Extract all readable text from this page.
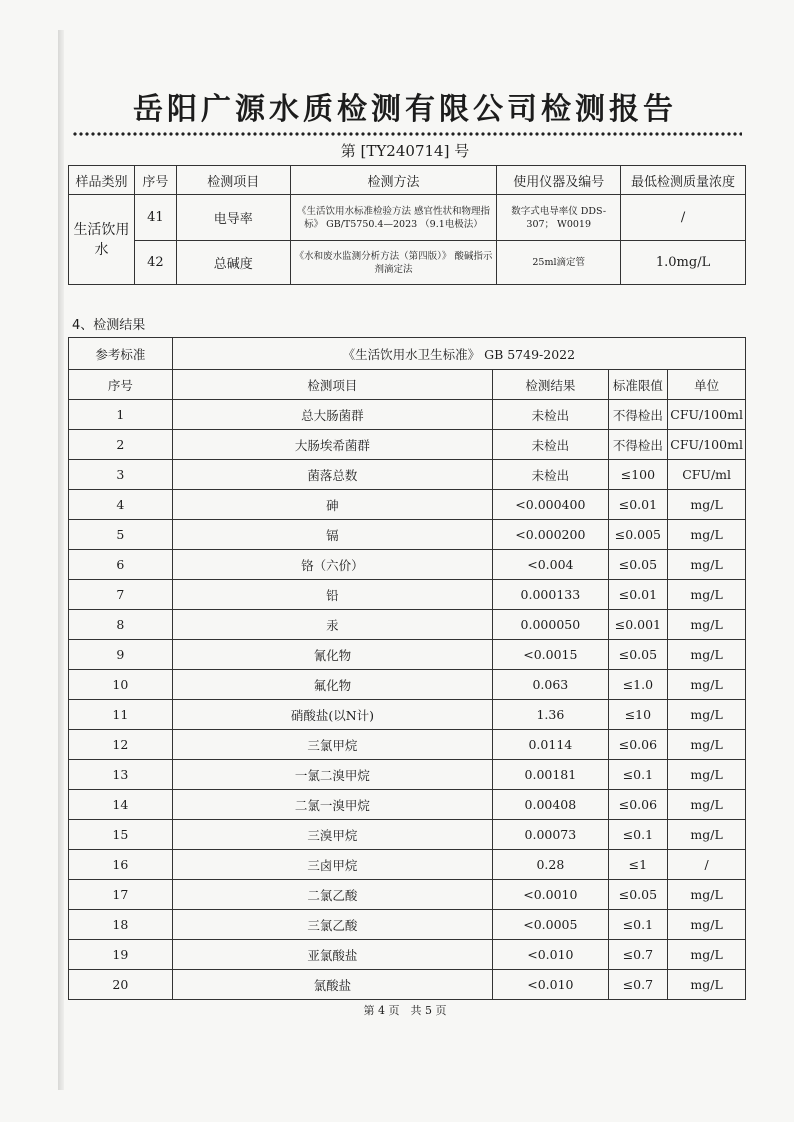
岳阳广源水质检测有限公司检测报告
第 [TY240714] 号
样品类别	序号	检测项目	检测方法	使用仪器及编号	最低检测质量浓度
生活饮用水	41	电导率	《生活饮用水标准检验方法 感官性状和物理指标》 GB/T5750.4—2023 （9.1电极法）	数字式电导率仪 DDS-307； W0019	/
	42	总碱度	《水和废水监测分析方法（第四版）》 酸碱指示剂滴定法	25ml滴定管	1.0mg/L
4、检测结果
参考标准	《生活饮用水卫生标准》 GB 5749-2022			
序号	检测项目	检测结果	标准限值	单位
1	总大肠菌群	未检出	不得检出	CFU/100ml
2	大肠埃希菌群	未检出	不得检出	CFU/100ml
3	菌落总数	未检出	≤100	CFU/ml
4	砷	<0.000400	≤0.01	mg/L
5	镉	<0.000200	≤0.005	mg/L
6	铬（六价）	<0.004	≤0.05	mg/L
7	铅	0.000133	≤0.01	mg/L
8	汞	0.000050	≤0.001	mg/L
9	氰化物	<0.0015	≤0.05	mg/L
10	氟化物	0.063	≤1.0	mg/L
11	硝酸盐(以N计)	1.36	≤10	mg/L
12	三氯甲烷	0.0114	≤0.06	mg/L
13	一氯二溴甲烷	0.00181	≤0.1	mg/L
14	二氯一溴甲烷	0.00408	≤0.06	mg/L
15	三溴甲烷	0.00073	≤0.1	mg/L
16	三卤甲烷	0.28	≤1	/
17	二氯乙酸	<0.0010	≤0.05	mg/L
18	三氯乙酸	<0.0005	≤0.1	mg/L
19	亚氯酸盐	<0.010	≤0.7	mg/L
20	氯酸盐	<0.010	≤0.7	mg/L
第 4 页　共 5 页
